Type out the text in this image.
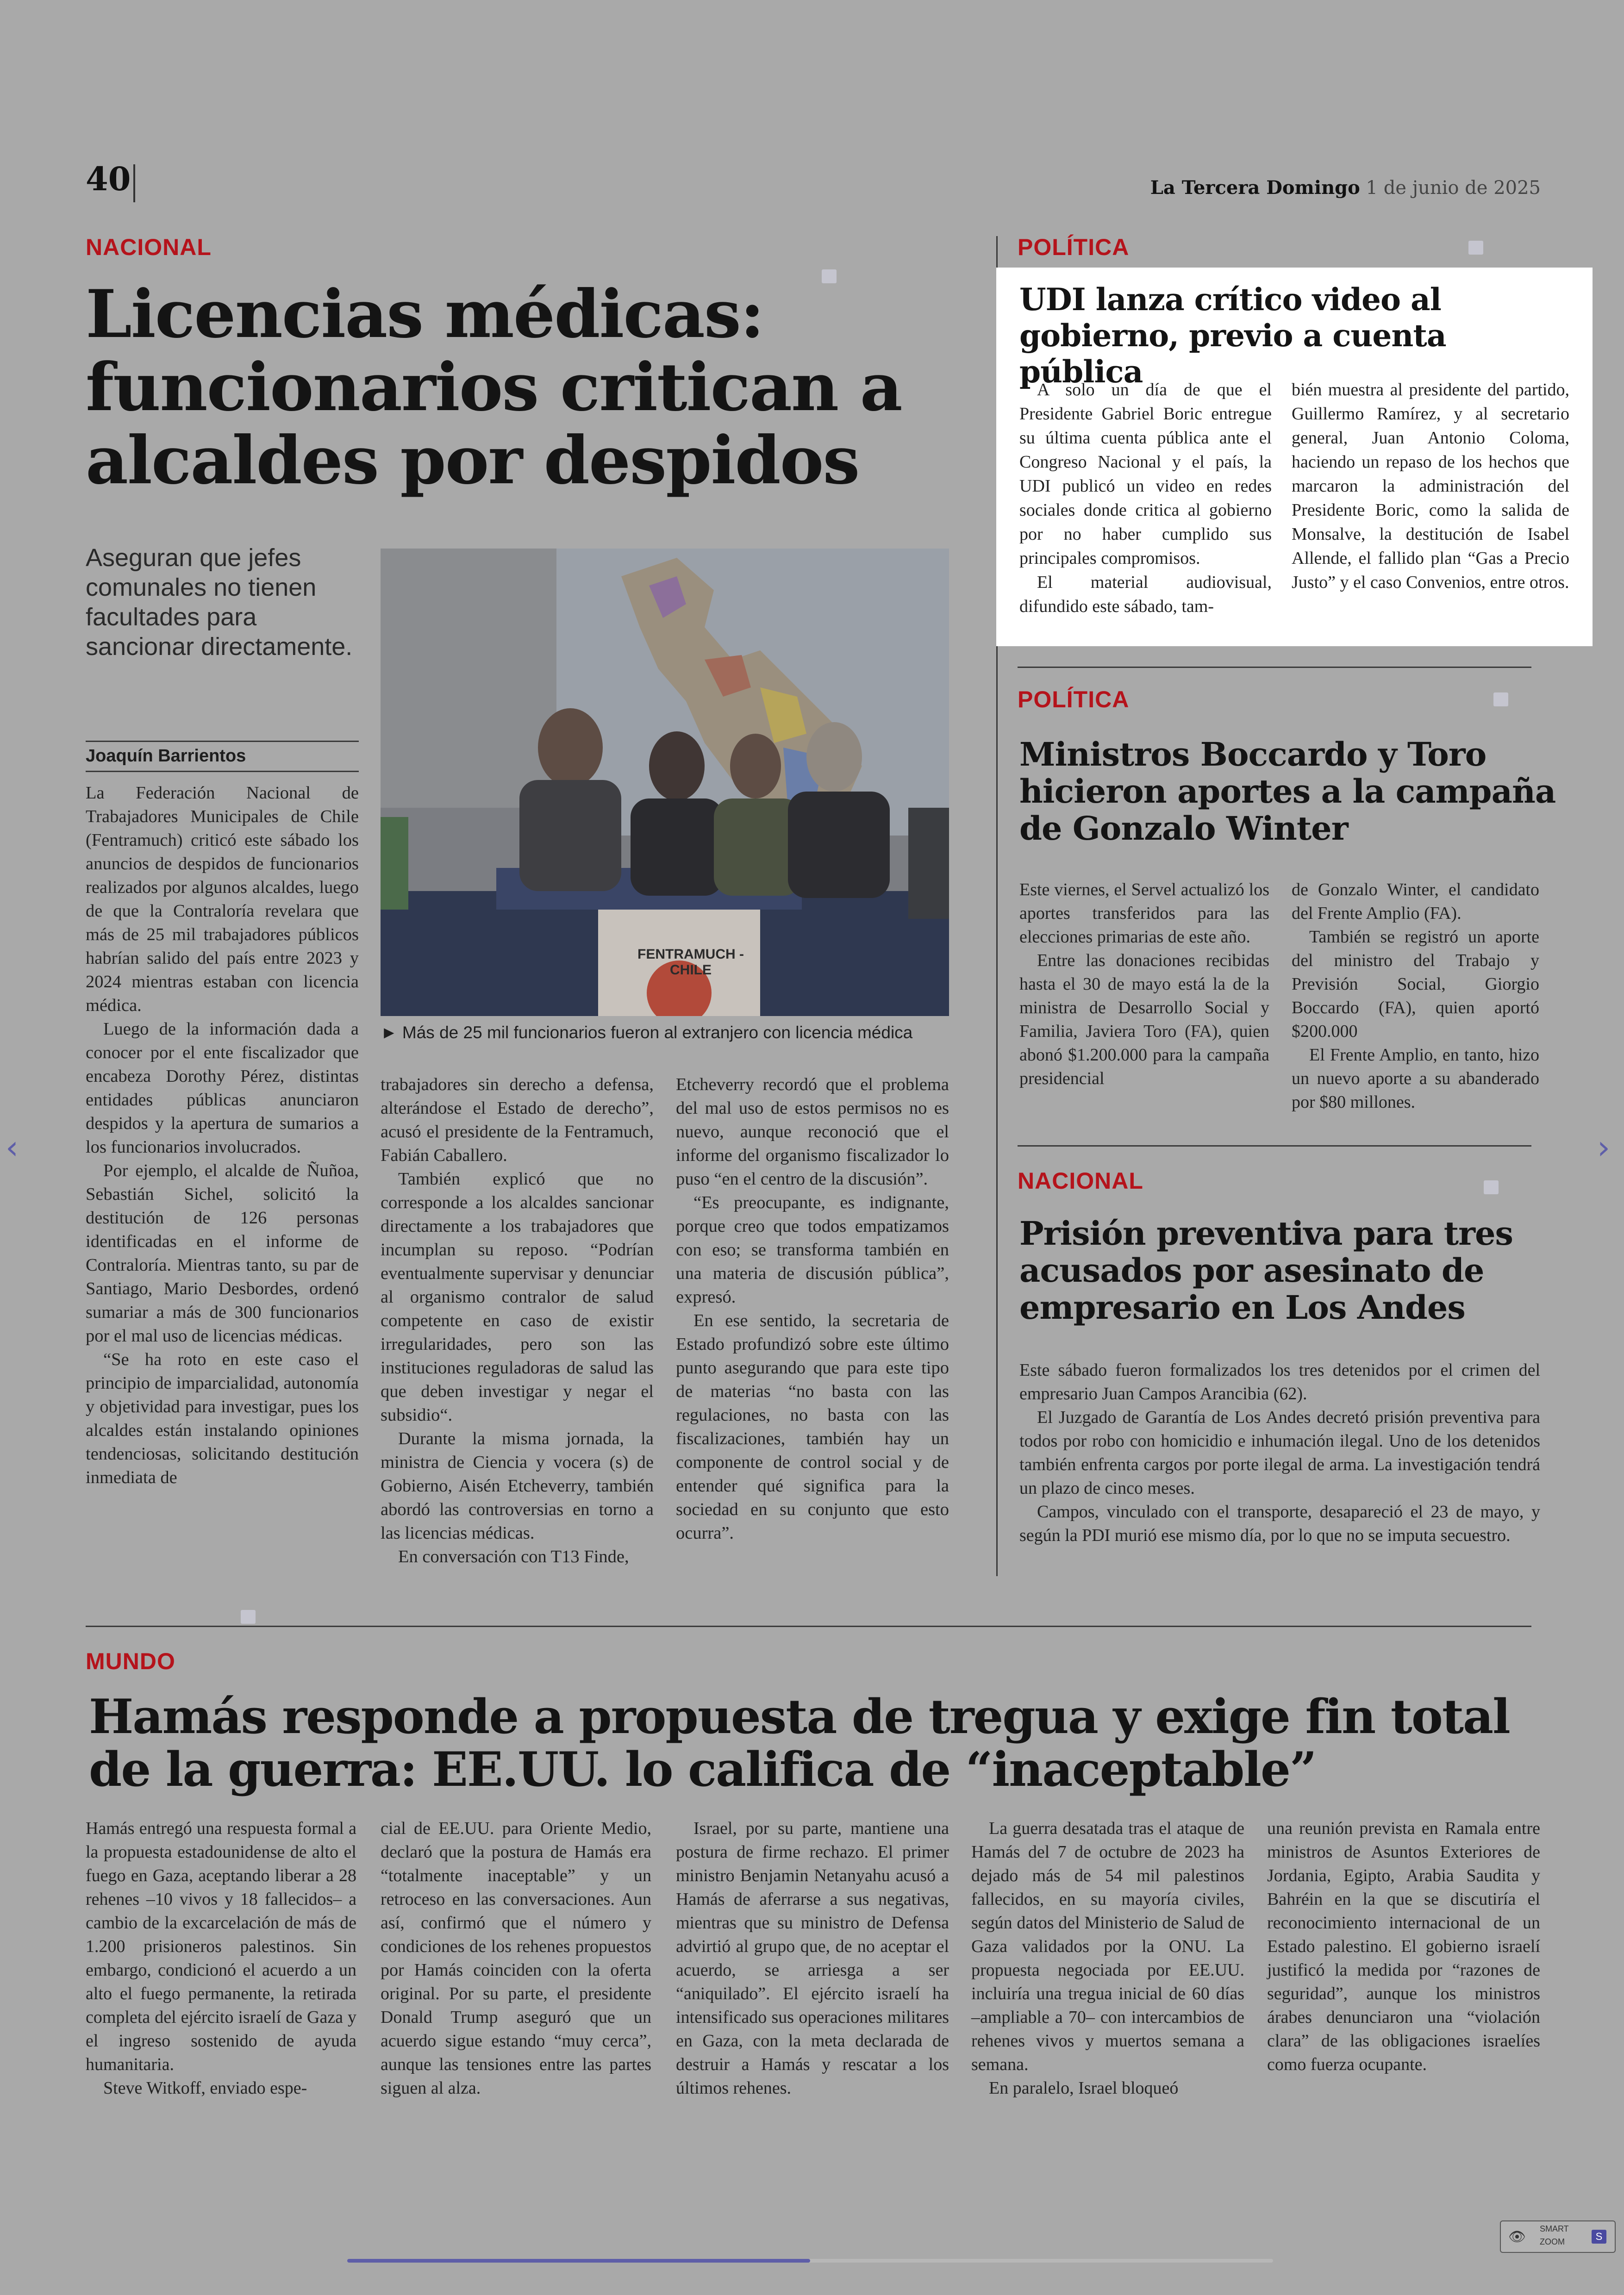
40	La Tercera Domingo 1 de junio de 2025
NACIONAL
Licencias médicas: funcionarios critican a alcaldes por despidos
Aseguran que jefes comunales no tienen facultades para sancionar directamente.
Joaquín Barrientos
FENTRAMUCH - CHILE
► Más de 25 mil funcionarios fueron al extranjero con licencia médica

La Federación Nacional de Trabajadores Municipales de Chile (Fentramuch) criticó este sábado los anuncios de despidos de funcionarios realizados por algunos alcaldes, luego de que la Contraloría revelara que más de 25 mil trabajadores públicos habrían salido del país entre 2023 y 2024 mientras estaban con licencia médica.

Luego de la información dada a conocer por el ente fiscalizador que encabeza Dorothy Pérez, distintas entidades públicas anunciaron despidos y la apertura de sumarios a los funcionarios involucrados.

Por ejemplo, el alcalde de Ñuñoa, Sebastián Sichel, solicitó la destitución de 126 personas identificadas en el informe de Contraloría. Mientras tanto, su par de Santiago, Mario Desbordes, ordenó sumariar a más de 300 funcionarios por el mal uso de licencias médicas.

“Se ha roto en este caso el principio de imparcialidad, autonomía y objetividad para investigar, pues los alcaldes están instalando opiniones tendenciosas, solicitando destitución inmediata de

trabajadores sin derecho a defensa, alterándose el Estado de derecho”, acusó el presidente de la Fentramuch, Fabián Caballero.

También explicó que no corresponde a los alcaldes sancionar directamente a los trabajadores que incumplan su reposo. “Podrían eventualmente supervisar y denunciar al organismo contralor de salud competente en caso de existir irregularidades, pero son las instituciones reguladoras de salud las que deben investigar y negar el subsidio“.

Durante la misma jornada, la ministra de Ciencia y vocera (s) de Gobierno, Aisén Etcheverry, también abordó las controversias en torno a las licencias médicas.

En conversación con T13 Finde,

Etcheverry recordó que el problema del mal uso de estos permisos no es nuevo, aunque reconoció que el informe del organismo fiscalizador lo puso “en el centro de la discusión”.

“Es preocupante, es indignante, porque creo que todos empatizamos con eso; se transforma también en una materia de discusión pública”, expresó.

En ese sentido, la secretaria de Estado profundizó sobre este último punto asegurando que para este tipo de materias “no basta con las regulaciones, no basta con las fiscalizaciones, también hay un componente de control social y de entender qué significa para la sociedad en su conjunto que esto ocurra”.

POLÍTICA
UDI lanza crítico video al gobierno, previo a cuenta pública

A solo un día de que el Presidente Gabriel Boric entregue su última cuenta pública ante el Congreso Nacional y el país, la UDI publicó un video en redes sociales donde critica al gobierno por no haber cumplido sus principales compromisos.

El material audiovisual, difundido este sábado, tam-

bién muestra al presidente del partido, Guillermo Ramírez, y al secretario general, Juan Antonio Coloma, haciendo un repaso de los hechos que marcaron la administración del Presidente Boric, como la salida de Monsalve, la destitución de Isabel Allende, el fallido plan “Gas a Precio Justo” y el caso Convenios, entre otros.

POLÍTICA
Ministros Boccardo y Toro hicieron aportes a la campaña de Gonzalo Winter

Este viernes, el Servel actualizó los aportes transferidos para las elecciones primarias de este año.

Entre las donaciones recibidas hasta el 30 de mayo está la de la ministra de Desarrollo Social y Familia, Javiera Toro (FA), quien abonó $1.200.000 para la campaña presidencial

de Gonzalo Winter, el candidato del Frente Amplio (FA).

También se registró un aporte del ministro del Trabajo y Previsión Social, Giorgio Boccardo (FA), quien aportó $200.000

El Frente Amplio, en tanto, hizo un nuevo aporte a su abanderado por $80 millones.

NACIONAL
Prisión preventiva para tres acusados por asesinato de empresario en Los Andes

Este sábado fueron formalizados los tres detenidos por el crimen del empresario Juan Campos Arancibia (62).

El Juzgado de Garantía de Los Andes decretó prisión preventiva para todos por robo con homicidio e inhumación ilegal. Uno de los detenidos también enfrenta cargos por porte ilegal de arma. La investigación tendrá un plazo de cinco meses.

Campos, vinculado con el transporte, desapareció el 23 de mayo, y según la PDI murió ese mismo día, por lo que no se imputa secuestro.

MUNDO
Hamás responde a propuesta de tregua y exige fin total de la guerra: EE.UU. lo califica de “inaceptable”

Hamás entregó una respuesta formal a la propuesta estadounidense de alto el fuego en Gaza, aceptando liberar a 28 rehenes –10 vivos y 18 fallecidos– a cambio de la excarcelación de más de 1.200 prisioneros palestinos. Sin embargo, condicionó el acuerdo a un alto el fuego permanente, la retirada completa del ejército israelí de Gaza y el ingreso sostenido de ayuda humanitaria.

Steve Witkoff, enviado espe-

cial de EE.UU. para Oriente Medio, declaró que la postura de Hamás era “totalmente inaceptable” y un retroceso en las conversaciones. Aun así, confirmó que el número y condiciones de los rehenes propuestos por Hamás coinciden con la oferta original. Por su parte, el presidente Donald Trump aseguró que un acuerdo sigue estando “muy cerca”, aunque las tensiones entre las partes siguen al alza.

Israel, por su parte, mantiene una postura de firme rechazo. El primer ministro Benjamin Netanyahu acusó a Hamás de aferrarse a sus negativas, mientras que su ministro de Defensa advirtió al grupo que, de no aceptar el acuerdo, se arriesga a ser “aniquilado”. El ejército israelí ha intensificado sus operaciones militares en Gaza, con la meta declarada de destruir a Hamás y rescatar a los últimos rehenes.

La guerra desatada tras el ataque de Hamás del 7 de octubre de 2023 ha dejado más de 54 mil palestinos fallecidos, en su mayoría civiles, según datos del Ministerio de Salud de Gaza validados por la ONU. La propuesta negociada por EE.UU. incluiría una tregua inicial de 60 días –ampliable a 70– con intercambios de rehenes vivos y muertos semana a semana.

En paralelo, Israel bloqueó

una reunión prevista en Ramala entre ministros de Asuntos Exteriores de Jordania, Egipto, Arabia Saudita y Bahréin en la que se discutiría el reconocimiento internacional de un Estado palestino. El gobierno israelí justificó la medida por “razones de seguridad”, aunque los ministros árabes denunciaron una “violación clara” de las obligaciones israelíes como fuerza ocupante.

‹	›
👁
SMART
ZOOM	S
